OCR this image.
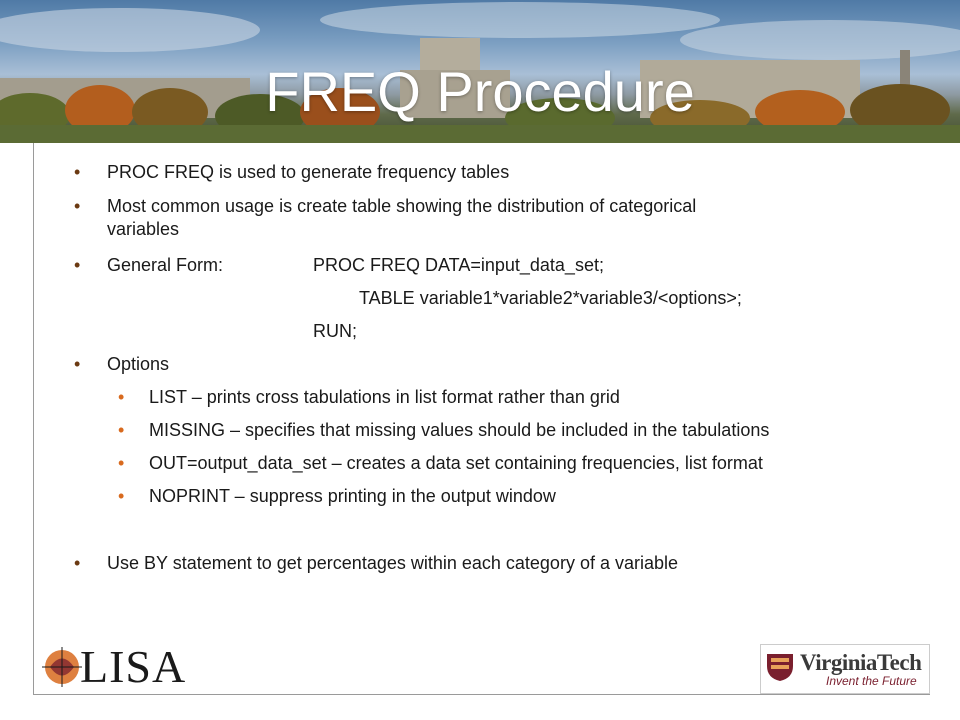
FREQ Procedure
• PROC FREQ is used to generate frequency tables
• Most common usage is create table showing the distribution of categorical
variables
• General Form:	PROC FREQ DATA=input_data_set;
TABLE variable1*variable2*variable3/<options>;
RUN;
• Options
• LIST – prints cross tabulations in list format rather than grid
• MISSING – specifies that missing values should be included in the tabulations
• OUT=output_data_set – creates a data set containing frequencies, list format
• NOPRINT – suppress printing in the output window
• Use BY statement to get percentages within each category of a variable
LISA	VirginiaTech
Invent the Future
